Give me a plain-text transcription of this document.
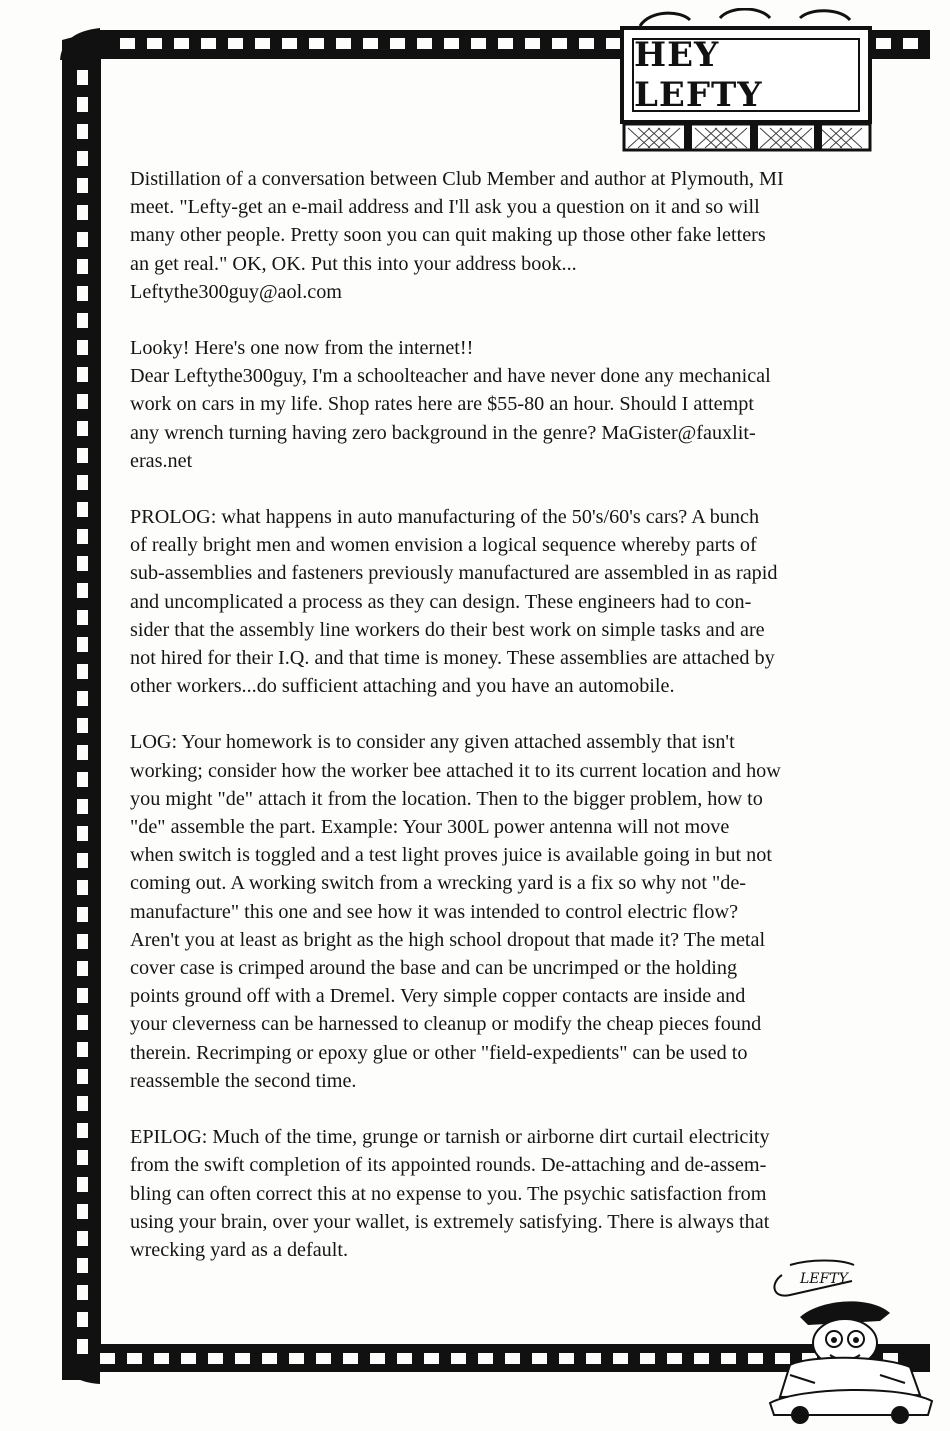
HEY LEFTY

Distillation of a conversation between Club Member and author at Plymouth, MI
meet. "Lefty-get an e-mail address and I'll ask you a question on it and so will
many other people. Pretty soon you can quit making up those other fake letters
an get real." OK, OK. Put this into your address book...
Leftythe300guy@aol.com

Looky! Here's one now from the internet!!
Dear Leftythe300guy, I'm a schoolteacher and have never done any mechanical
work on cars in my life. Shop rates here are $55-80 an hour. Should I attempt
any wrench turning having zero background in the genre? MaGister@fauxlit-
eras.net

PROLOG: what happens in auto manufacturing of the 50's/60's cars? A bunch
of really bright men and women envision a logical sequence whereby parts of
sub-assemblies and fasteners previously manufactured are assembled in as rapid
and uncomplicated a process as they can design. These engineers had to con-
sider that the assembly line workers do their best work on simple tasks and are
not hired for their I.Q. and that time is money. These assemblies are attached by
other workers...do sufficient attaching and you have an automobile.

LOG: Your homework is to consider any given attached assembly that isn't
working; consider how the worker bee attached it to its current location and how
you might "de" attach it from the location. Then to the bigger problem, how to
"de" assemble the part. Example: Your 300L power antenna will not move
when switch is toggled and a test light proves juice is available going in but not
coming out. A working switch from a wrecking yard is a fix so why not "de-
manufacture" this one and see how it was intended to control electric flow?
Aren't you at least as bright as the high school dropout that made it? The metal
cover case is crimped around the base and can be uncrimped or the holding
points ground off with a Dremel. Very simple copper contacts are inside and
your cleverness can be harnessed to cleanup or modify the cheap pieces found
therein. Recrimping or epoxy glue or other "field-expedients" can be used to
reassemble the second time.

EPILOG: Much of the time, grunge or tarnish or airborne dirt curtail electricity
from the swift completion of its appointed rounds. De-attaching and de-assem-
bling can often correct this at no expense to you. The psychic satisfaction from
using your brain, over your wallet, is extremely satisfying. There is always that
wrecking yard as a default.

LEFTY
